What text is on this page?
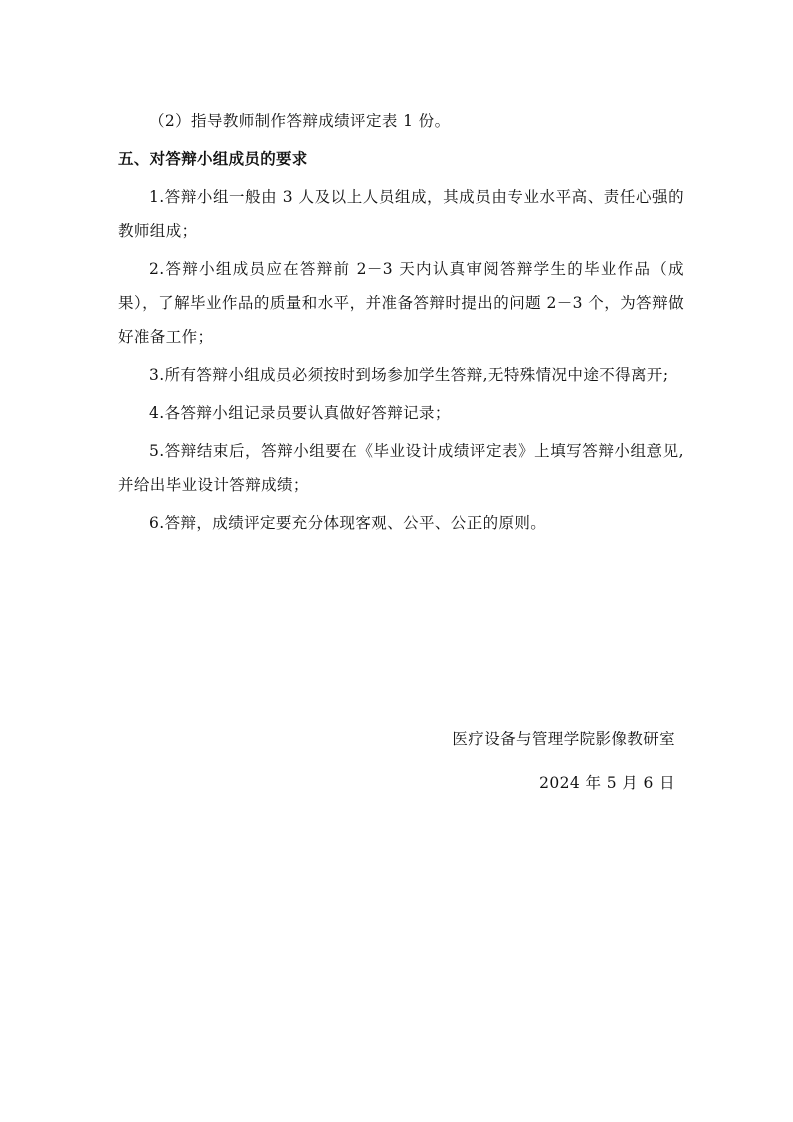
（2）指导教师制作答辩成绩评定表 1 份。

五、对答辩小组成员的要求

1.答辩小组一般由 3 人及以上人员组成，其成员由专业水平高、责任心强的教师组成；

2.答辩小组成员应在答辩前 2－3 天内认真审阅答辩学生的毕业作品（成果），了解毕业作品的质量和水平，并准备答辩时提出的问题 2－3 个，为答辩做好准备工作；

3.所有答辩小组成员必须按时到场参加学生答辩,无特殊情况中途不得离开;

4.各答辩小组记录员要认真做好答辩记录；

5.答辩结束后，答辩小组要在《毕业设计成绩评定表》上填写答辩小组意见,并给出毕业设计答辩成绩；

6.答辩，成绩评定要充分体现客观、公平、公正的原则。

医疗设备与管理学院影像教研室
2024 年 5 月 6 日
